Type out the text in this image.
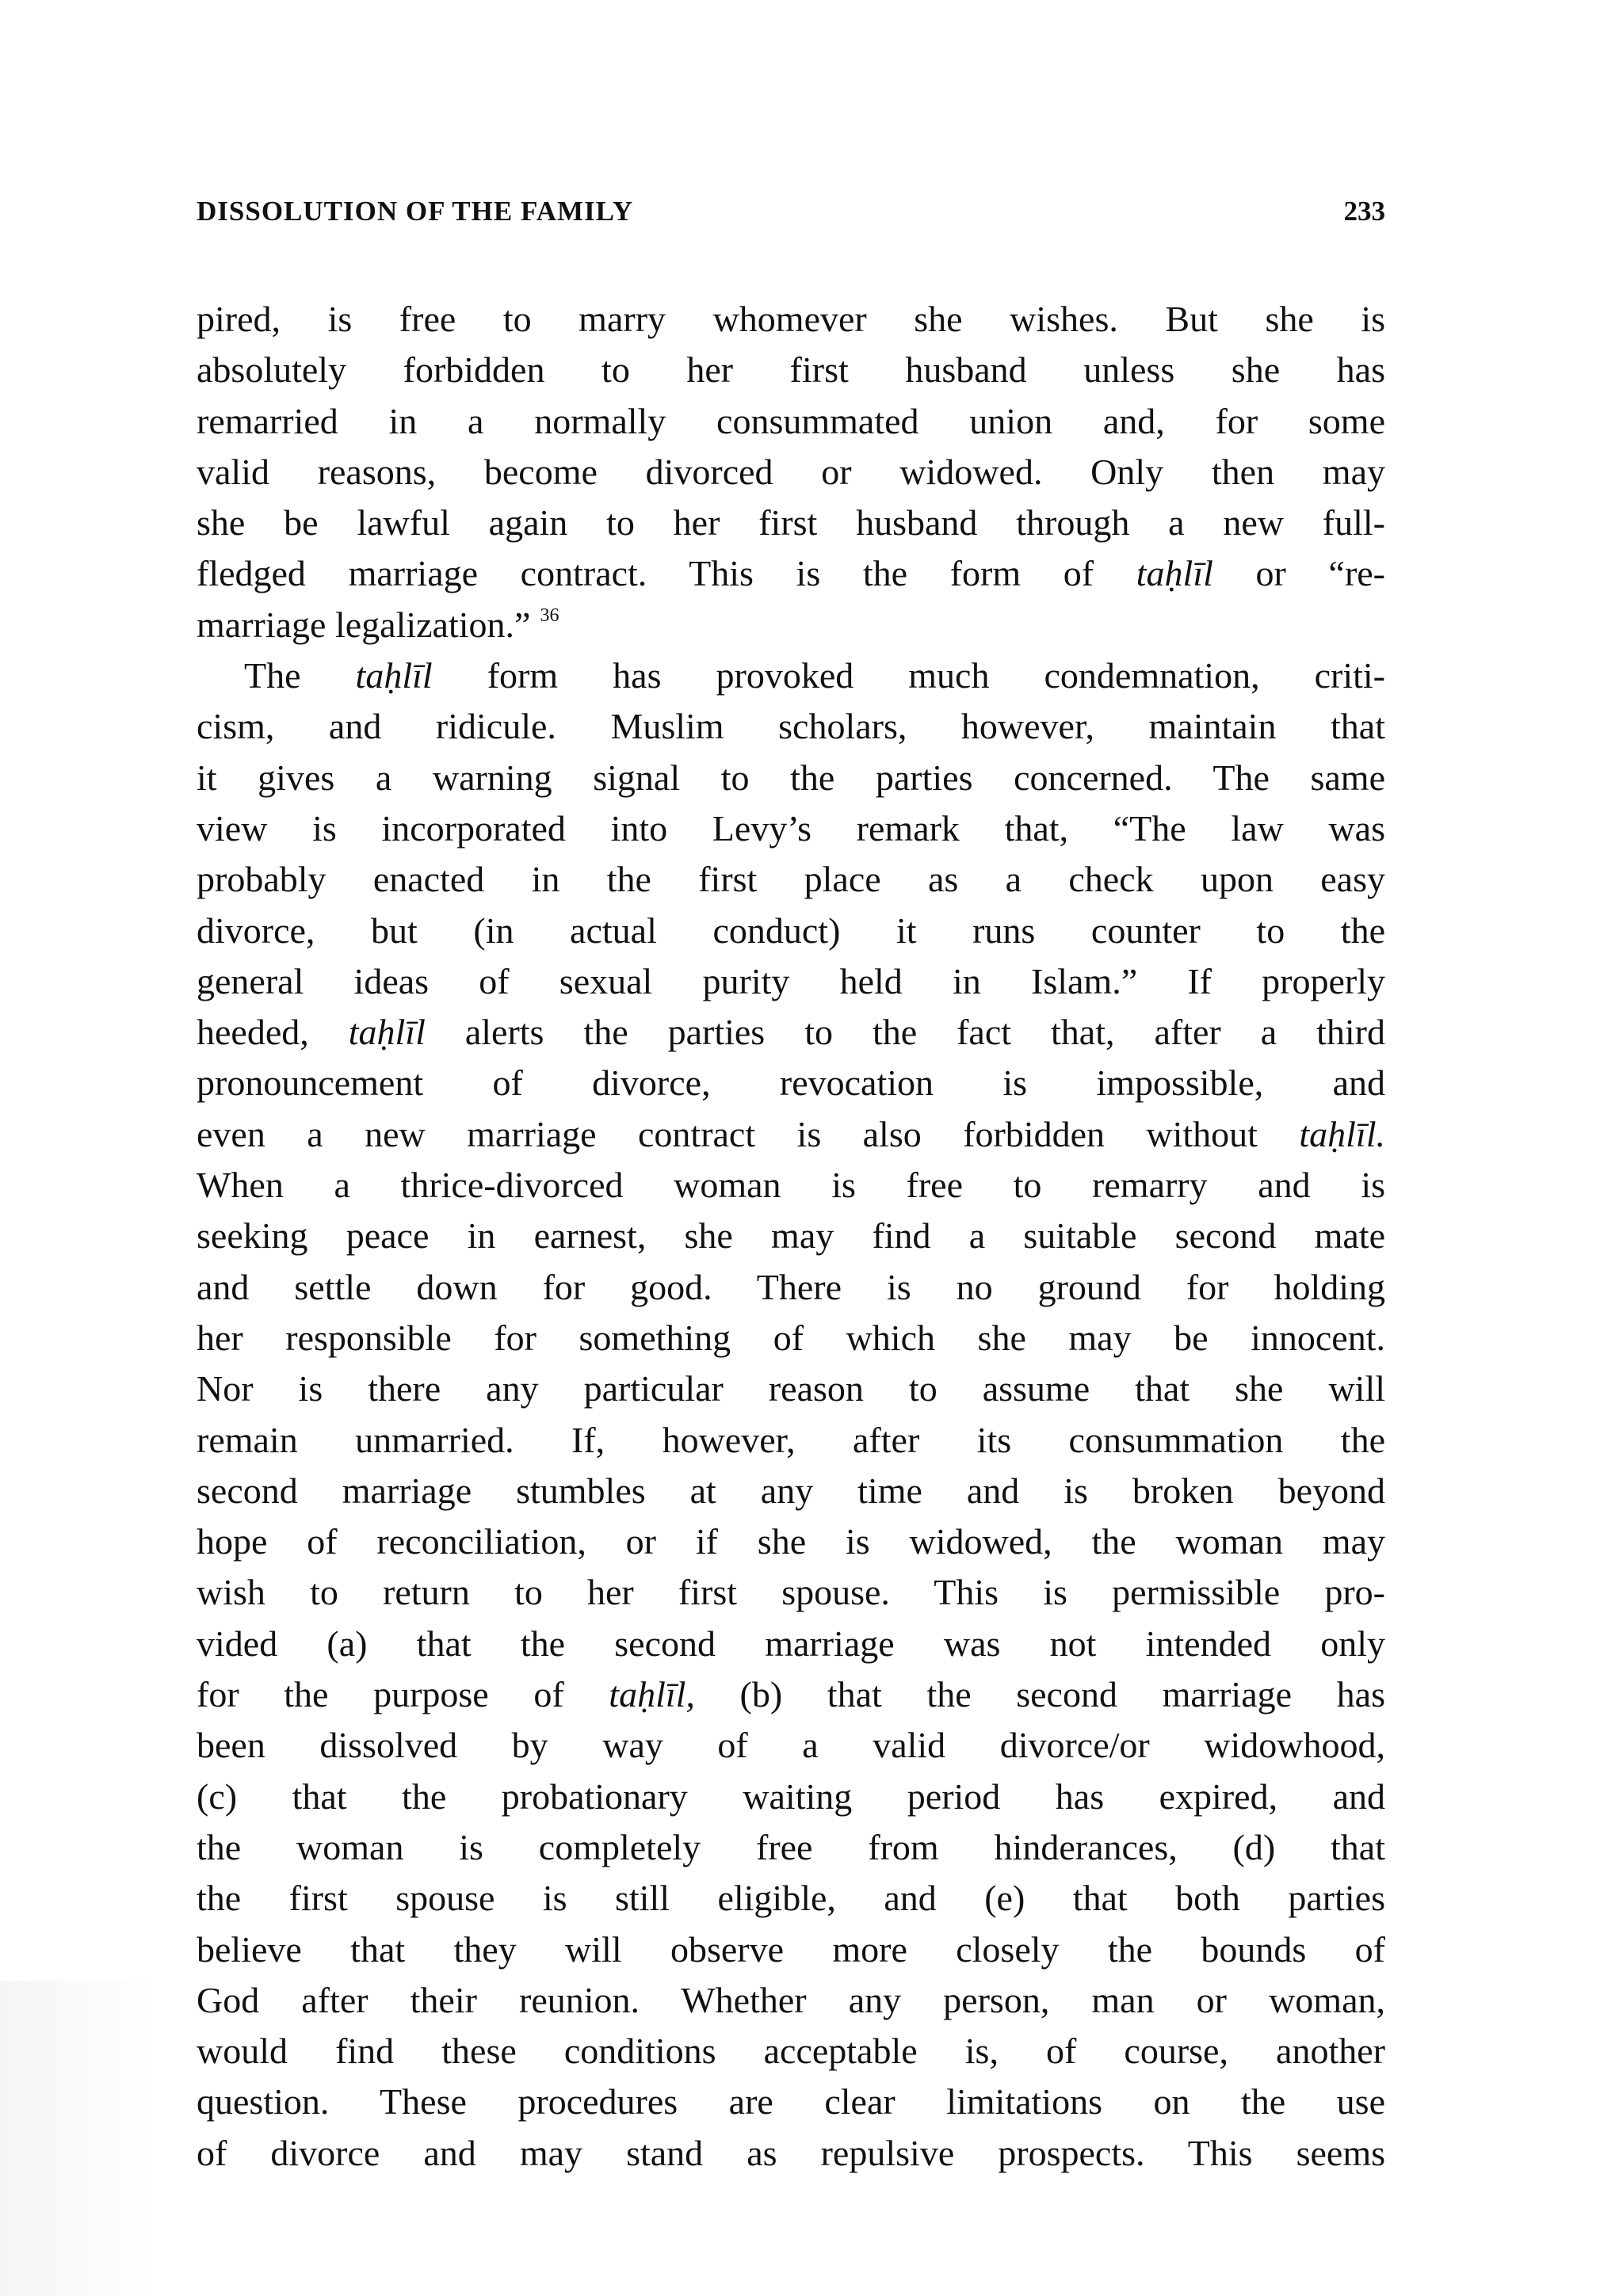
DISSOLUTION OF THE FAMILY	233
pired, is free to marry whomever she wishes. But she is
absolutely forbidden to her first husband unless she has
remarried in a normally consummated union and, for some
valid reasons, become divorced or widowed. Only then may
she be lawful again to her first husband through a new full-
fledged marriage contract. This is the form of taḥlīl or “re-
marriage legalization.” $^{36}$
The taḥlīl form has provoked much condemnation, criti-
cism, and ridicule. Muslim scholars, however, maintain that
it gives a warning signal to the parties concerned. The same
view is incorporated into Levy’s remark that, “The law was
probably enacted in the first place as a check upon easy
divorce, but (in actual conduct) it runs counter to the
general ideas of sexual purity held in Islam.” If properly
heeded, taḥlīl alerts the parties to the fact that, after a third
pronouncement of divorce, revocation is impossible, and
even a new marriage contract is also forbidden without taḥlīl.
When a thrice-divorced woman is free to remarry and is
seeking peace in earnest, she may find a suitable second mate
and settle down for good. There is no ground for holding
her responsible for something of which she may be innocent.
Nor is there any particular reason to assume that she will
remain unmarried. If, however, after its consummation the
second marriage stumbles at any time and is broken beyond
hope of reconciliation, or if she is widowed, the woman may
wish to return to her first spouse. This is permissible pro-
vided (a) that the second marriage was not intended only
for the purpose of taḥlīl, (b) that the second marriage has
been dissolved by way of a valid divorce/or widowhood,
(c) that the probationary waiting period has expired, and
the woman is completely free from hinderances, (d) that
the first spouse is still eligible, and (e) that both parties
believe that they will observe more closely the bounds of
God after their reunion. Whether any person, man or woman,
would find these conditions acceptable is, of course, another
question. These procedures are clear limitations on the use
of divorce and may stand as repulsive prospects. This seems
